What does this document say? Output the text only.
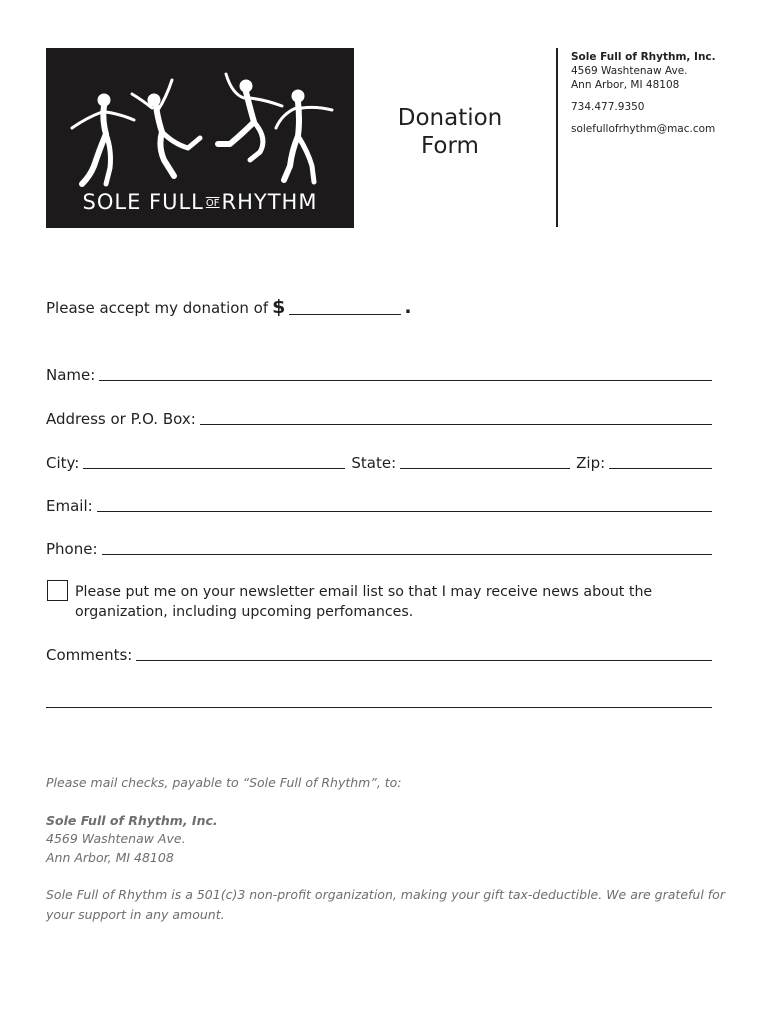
SOLE FULL OFRHYTHM
Donation
Form
Sole Full of Rhythm, Inc.
4569 Washtenaw Ave.
Ann Arbor, MI 48108
734.477.9350
solefullofrhythm@mac.com
Please accept my donation of $	.
Name:
Address or P.O. Box:
City:	State:	Zip:
Email:
Phone:
Please put me on your newsletter email list so that I may receive news about the organization, including upcoming perfomances.
Comments:
Please mail checks, payable to “Sole Full of Rhythm”, to:
Sole Full of Rhythm, Inc.
4569 Washtenaw Ave.
Ann Arbor, MI 48108
Sole Full of Rhythm is a 501(c)3 non-profit organization, making your gift tax-deductible. We are grateful for
your support in any amount.
